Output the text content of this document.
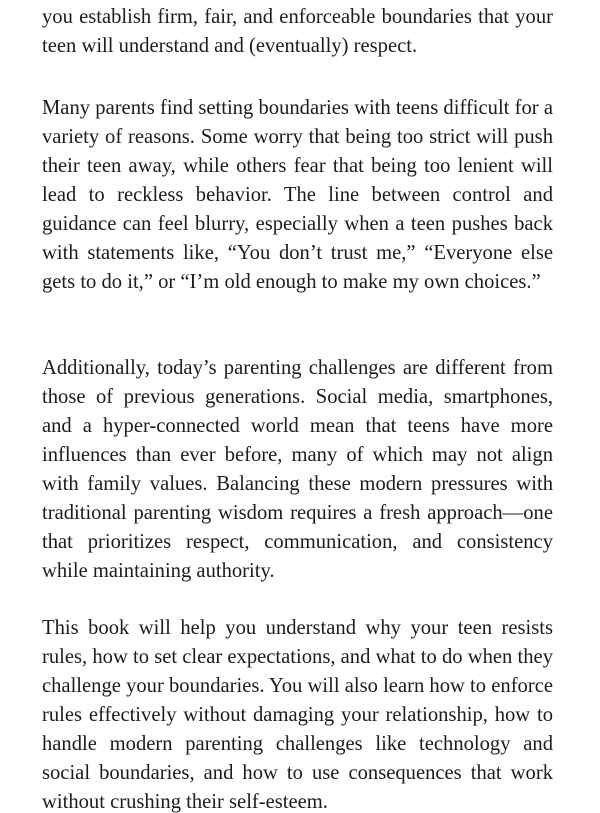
you establish firm, fair, and enforceable boundaries that your teen will understand and (eventually) respect.

Many parents find setting boundaries with teens difficult for a variety of reasons. Some worry that being too strict will push their teen away, while others fear that being too lenient will lead to reckless behavior. The line between control and guidance can feel blurry, especially when a teen pushes back with statements like, “You don’t trust me,” “Everyone else gets to do it,” or “I’m old enough to make my own choices.”

Additionally, today’s parenting challenges are different from those of previous generations. Social media, smartphones, and a hyper-connected world mean that teens have more influences than ever before, many of which may not align with family values. Balancing these modern pressures with traditional parenting wisdom requires a fresh approach—one that prioritizes respect, communication, and consistency while maintaining authority.

This book will help you understand why your teen resists rules, how to set clear expectations, and what to do when they challenge your boundaries. You will also learn how to enforce rules effectively without damaging your relationship, how to handle modern parenting challenges like technology and social boundaries, and how to use consequences that work without crushing their self-esteem.
